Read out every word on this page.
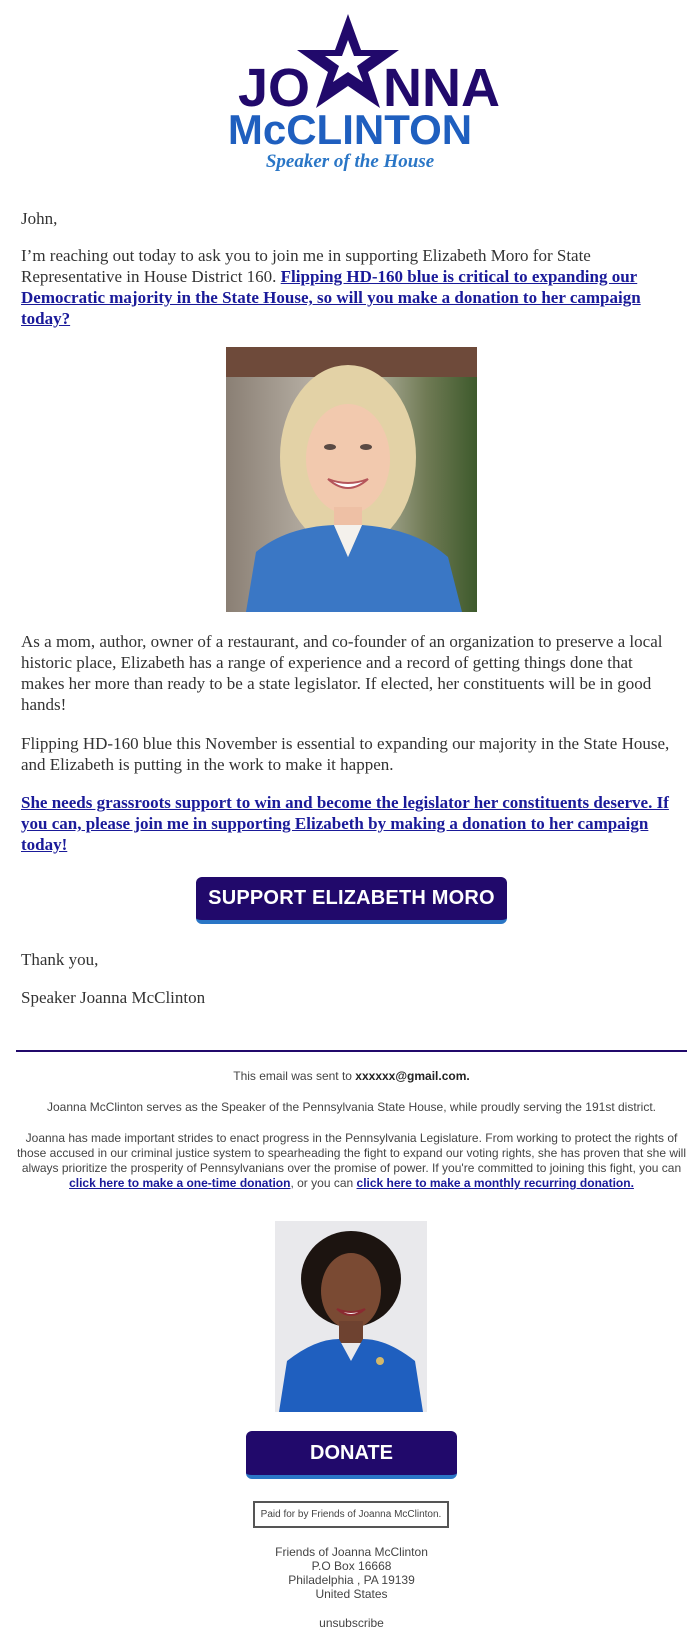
JO NNA
McCLINTON
Speaker of the House

John,

I’m reaching out today to ask you to join me in supporting Elizabeth Moro for State Representative in House District 160. Flipping HD-160 blue is critical to expanding our Democratic majority in the State House, so will you make a donation to her campaign today?

As a mom, author, owner of a restaurant, and co-founder of an organization to preserve a local historic place, Elizabeth has a range of experience and a record of getting things done that makes her more than ready to be a state legislator. If elected, her constituents will be in good hands!

Flipping HD-160 blue this November is essential to expanding our majority in the State House, and Elizabeth is putting in the work to make it happen.

She needs grassroots support to win and become the legislator her constituents deserve. If you can, please join me in supporting Elizabeth by making a donation to her campaign today!

SUPPORT ELIZABETH MORO

Thank you,

Speaker Joanna McClinton

This email was sent to xxxxxx@gmail.com.

Joanna McClinton serves as the Speaker of the Pennsylvania State House, while proudly serving the 191st district.

Joanna has made important strides to enact progress in the Pennsylvania Legislature. From working to protect the rights of those accused in our criminal justice system to spearheading the fight to expand our voting rights, she has proven that she will always prioritize the prosperity of Pennsylvanians over the promise of power. If you're committed to joining this fight, you can click here to make a one-time donation, or you can click here to make a monthly recurring donation.

DONATE
Paid for by Friends of Joanna McClinton.

Friends of Joanna McClinton

P.O Box 16668

Philadelphia , PA 19139

United States

unsubscribe
